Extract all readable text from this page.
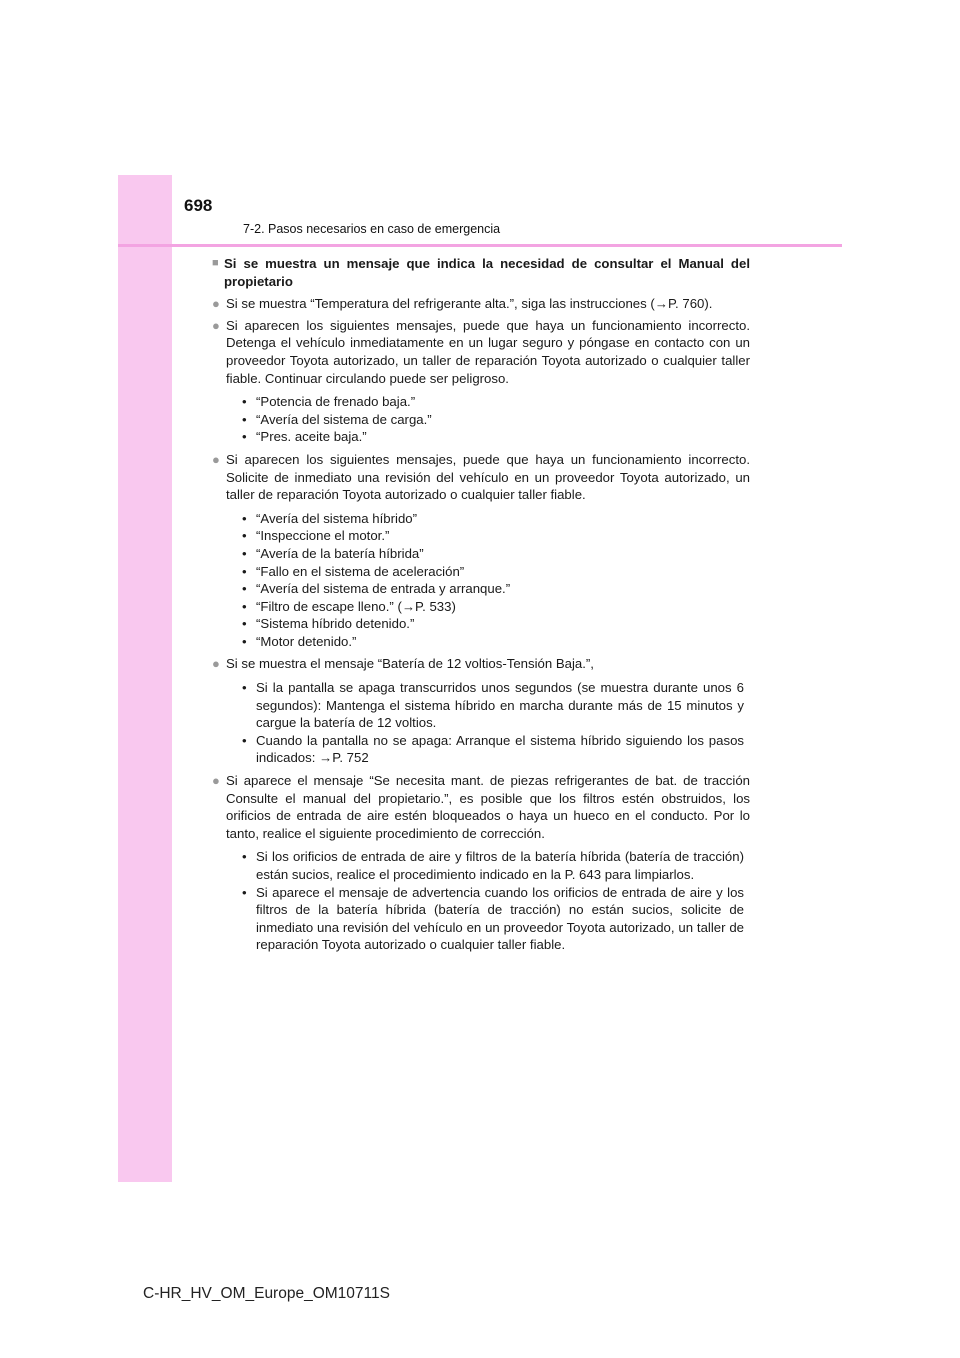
698
7-2. Pasos necesarios en caso de emergencia
■ Si se muestra un mensaje que indica la necesidad de consultar el Manual del propietario
● Si se muestra “Temperatura del refrigerante alta.”, siga las instrucciones (→P. 760).
● Si aparecen los siguientes mensajes, puede que haya un funcionamiento incorrecto. Detenga el vehículo inmediatamente en un lugar seguro y póngase en contacto con un proveedor Toyota autorizado, un taller de reparación Toyota autorizado o cualquier taller fiable. Continuar circulando puede ser peligroso.
• “Potencia de frenado baja.”
• “Avería del sistema de carga.”
• “Pres. aceite baja.”
● Si aparecen los siguientes mensajes, puede que haya un funcionamiento incorrecto. Solicite de inmediato una revisión del vehículo en un proveedor Toyota autorizado, un taller de reparación Toyota autorizado o cualquier taller fiable.
• “Avería del sistema híbrido”
• “Inspeccione el motor.”
• “Avería de la batería híbrida”
• “Fallo en el sistema de aceleración”
• “Avería del sistema de entrada y arranque.”
• “Filtro de escape lleno.” (→P. 533)
• “Sistema híbrido detenido.”
• “Motor detenido.”
● Si se muestra el mensaje “Batería de 12 voltios-Tensión Baja.”,
• Si la pantalla se apaga transcurridos unos segundos (se muestra durante unos 6 segundos): Mantenga el sistema híbrido en marcha durante más de 15 minutos y cargue la batería de 12 voltios.
• Cuando la pantalla no se apaga: Arranque el sistema híbrido siguiendo los pasos indicados: →P. 752
● Si aparece el mensaje “Se necesita mant. de piezas refrigerantes de bat. de tracción Consulte el manual del propietario.”, es posible que los filtros estén obstruidos, los orificios de entrada de aire estén bloqueados o haya un hueco en el conducto. Por lo tanto, realice el siguiente procedimiento de corrección.
• Si los orificios de entrada de aire y filtros de la batería híbrida (batería de tracción) están sucios, realice el procedimiento indicado en la P. 643 para limpiarlos.
• Si aparece el mensaje de advertencia cuando los orificios de entrada de aire y los filtros de la batería híbrida (batería de tracción) no están sucios, solicite de inmediato una revisión del vehículo en un proveedor Toyota autorizado, un taller de reparación Toyota autorizado o cualquier taller fiable.
C-HR_HV_OM_Europe_OM10711S
